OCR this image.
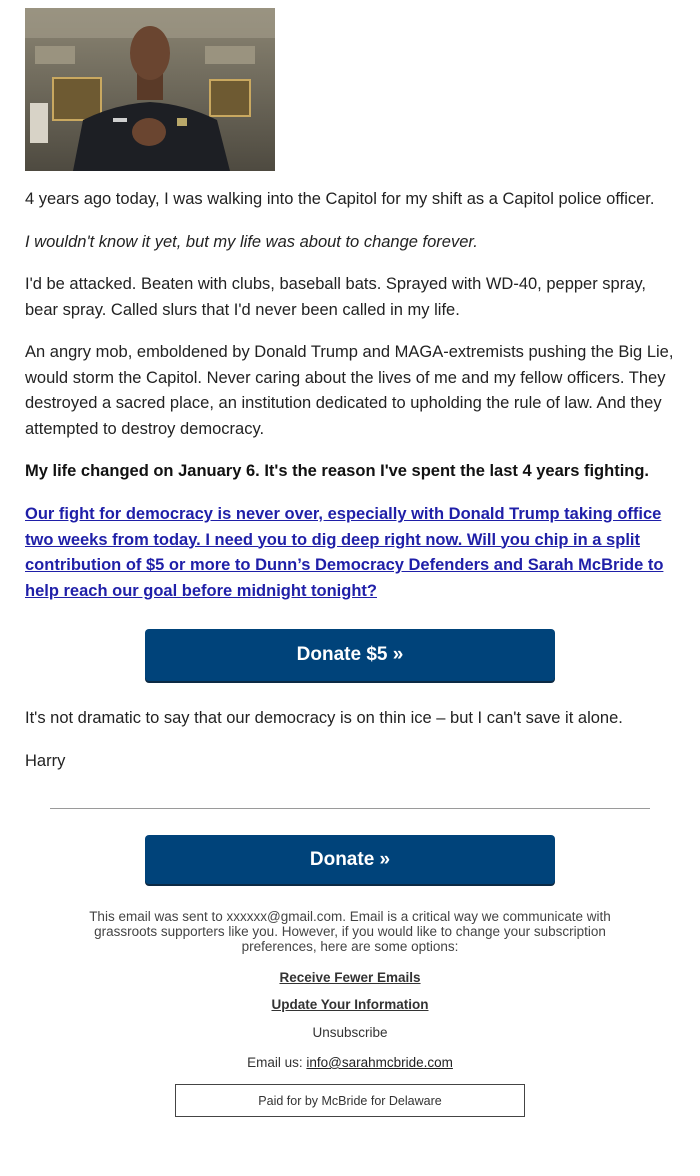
4 years ago today, I was walking into the Capitol for my shift as a Capitol police officer.

I wouldn't know it yet, but my life was about to change forever.

I'd be attacked. Beaten with clubs, baseball bats. Sprayed with WD-40, pepper spray, bear spray. Called slurs that I'd never been called in my life.

An angry mob, emboldened by Donald Trump and MAGA-extremists pushing the Big Lie, would storm the Capitol. Never caring about the lives of me and my fellow officers. They destroyed a sacred place, an institution dedicated to upholding the rule of law. And they attempted to destroy democracy.

My life changed on January 6. It's the reason I've spent the last 4 years fighting.

Our fight for democracy is never over, especially with Donald Trump taking office two weeks from today. I need you to dig deep right now. Will you chip in a split contribution of $5 or more to Dunn’s Democracy Defenders and Sarah McBride to help reach our goal before midnight tonight?

Donate $5 »

It's not dramatic to say that our democracy is on thin ice – but I can't save it alone.

Harry

Donate »
This email was sent to xxxxxx@gmail.com. Email is a critical way we communicate with grassroots supporters like you. However, if you would like to change your subscription preferences, here are some options:
Receive Fewer Emails
Update Your Information
Unsubscribe
Email us: info@sarahmcbride.com
Paid for by McBride for Delaware
